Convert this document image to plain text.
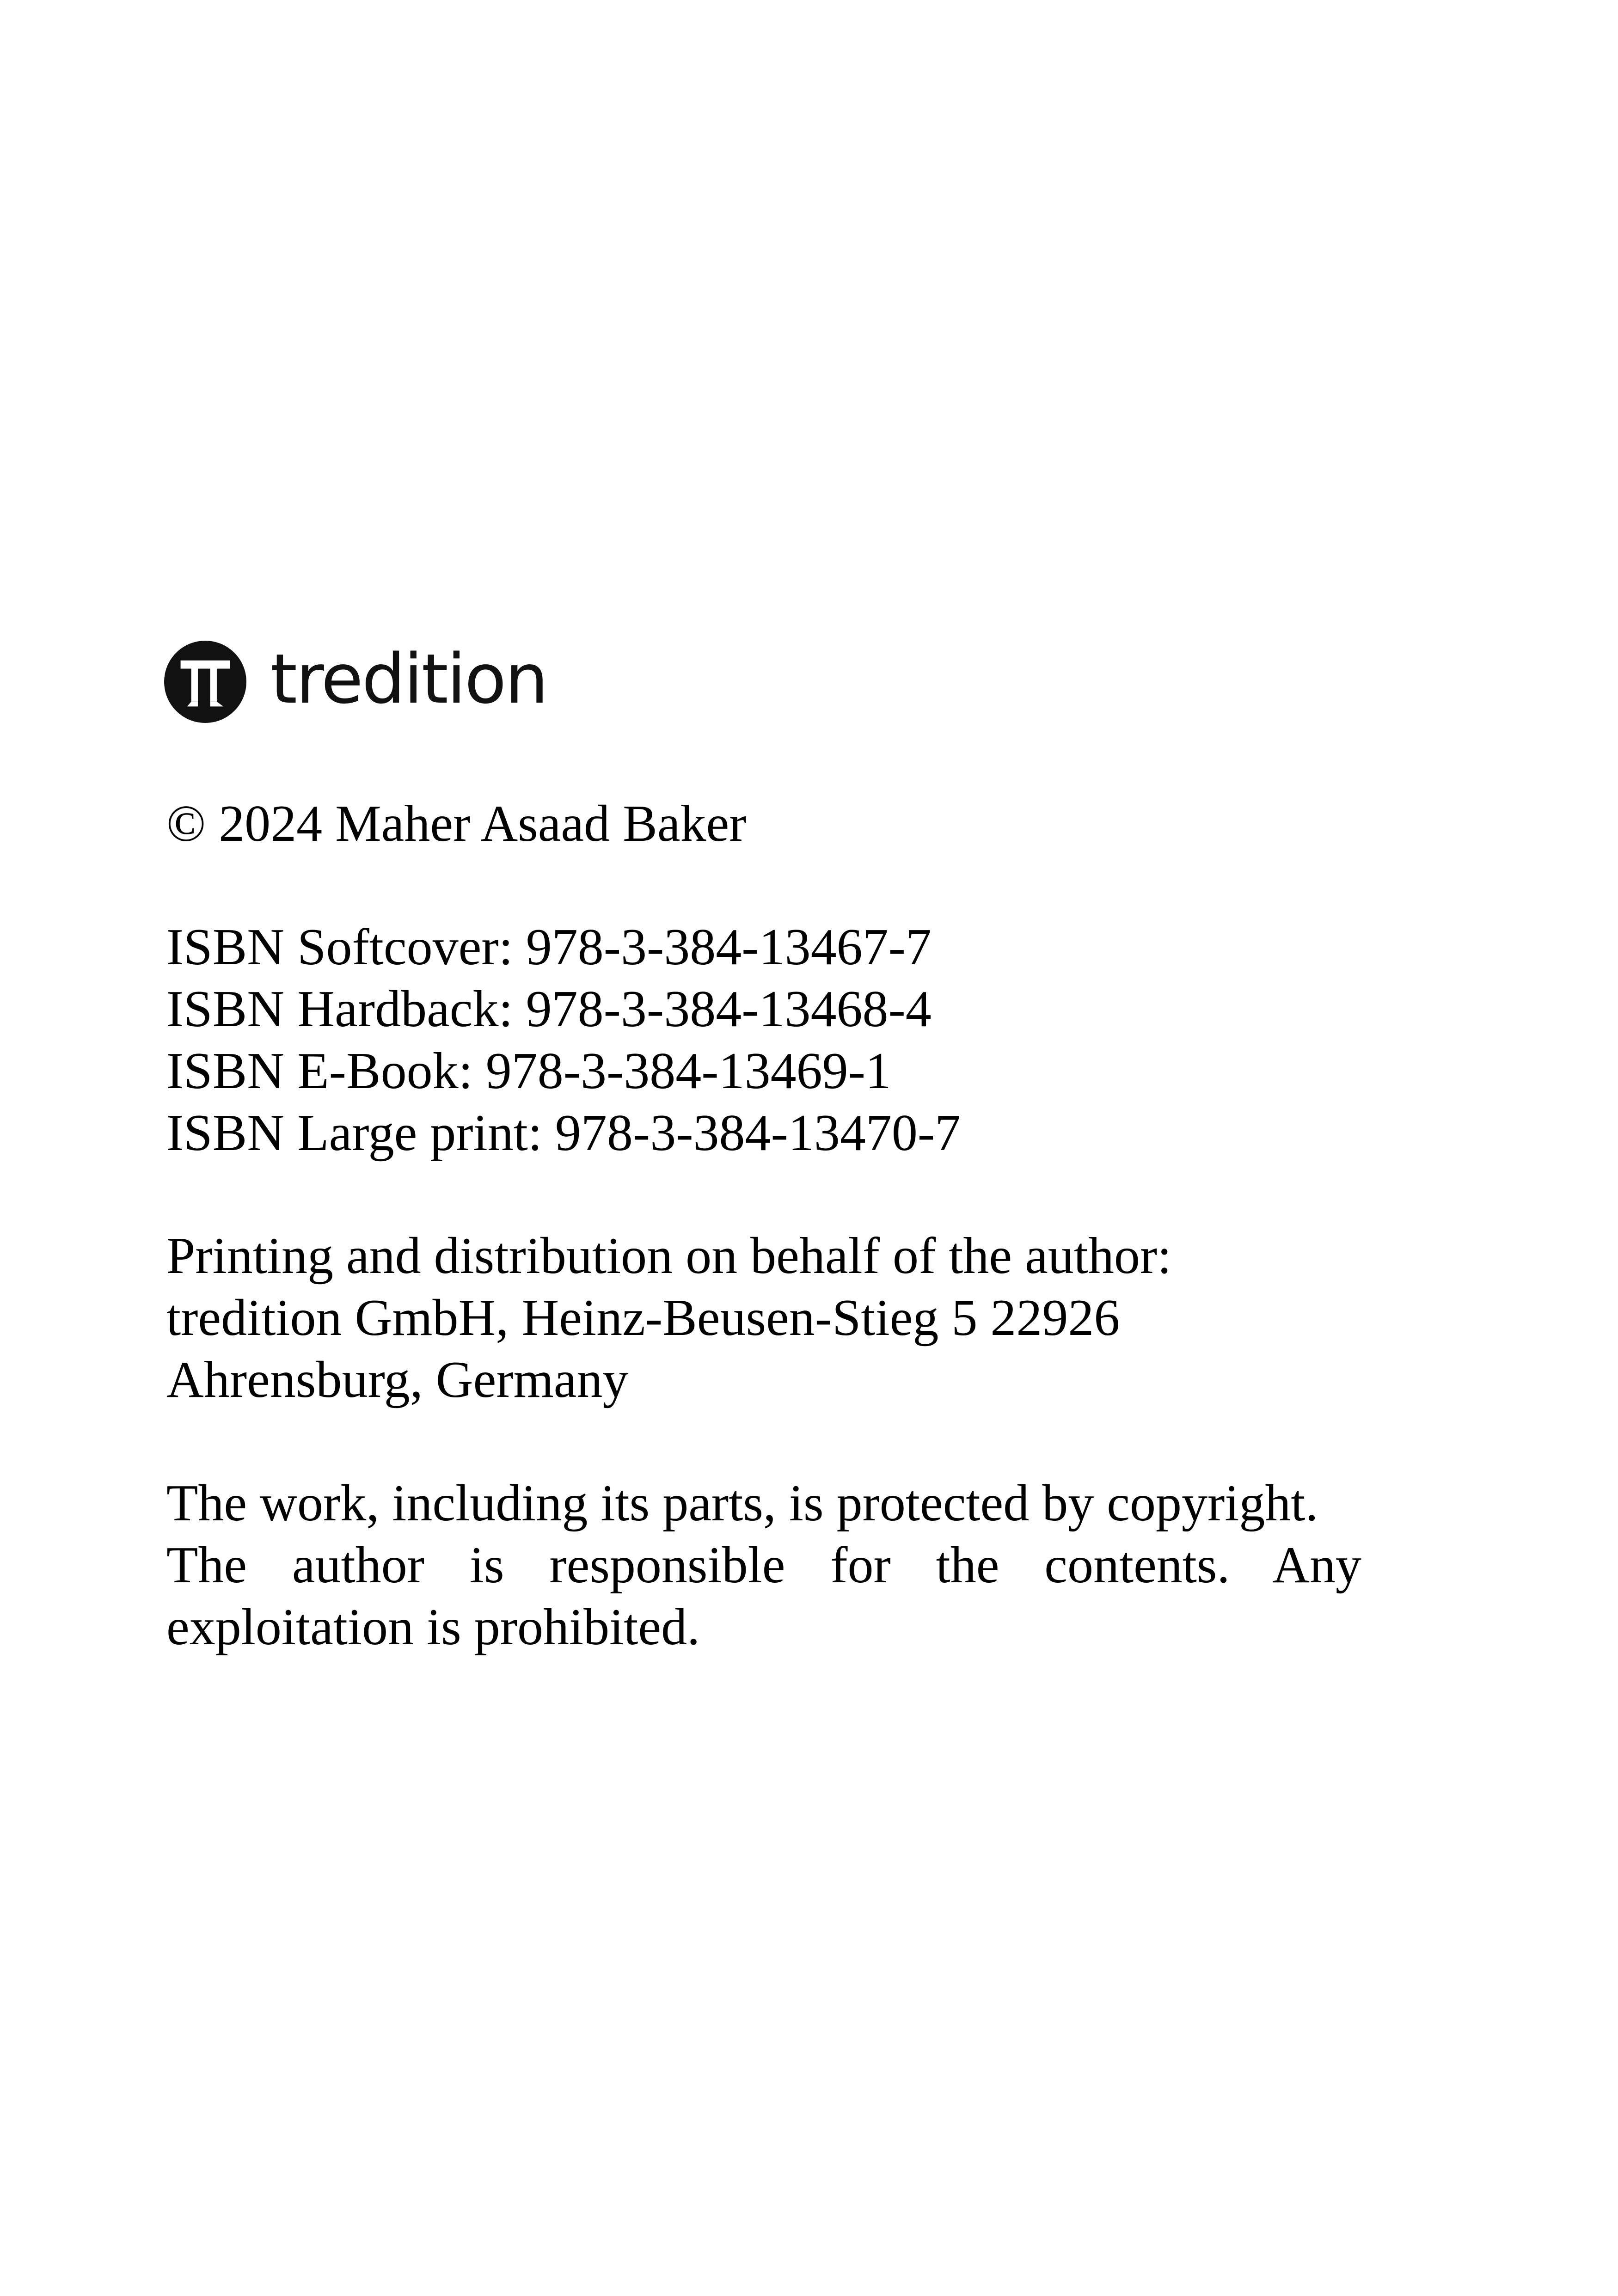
tredition

© 2024 Maher Asaad Baker

ISBN Softcover: 978-3-384-13467-7
ISBN Hardback: 978-3-384-13468-4
ISBN E-Book: 978-3-384-13469-1
ISBN Large print: 978-3-384-13470-7
Printing and distribution on behalf of the author:
tredition GmbH, Heinz-Beusen-Stieg 5 22926
Ahrensburg, Germany
The work, including its parts, is protected by copyright.
The author is responsible for the contents. Any
exploitation is prohibited.
